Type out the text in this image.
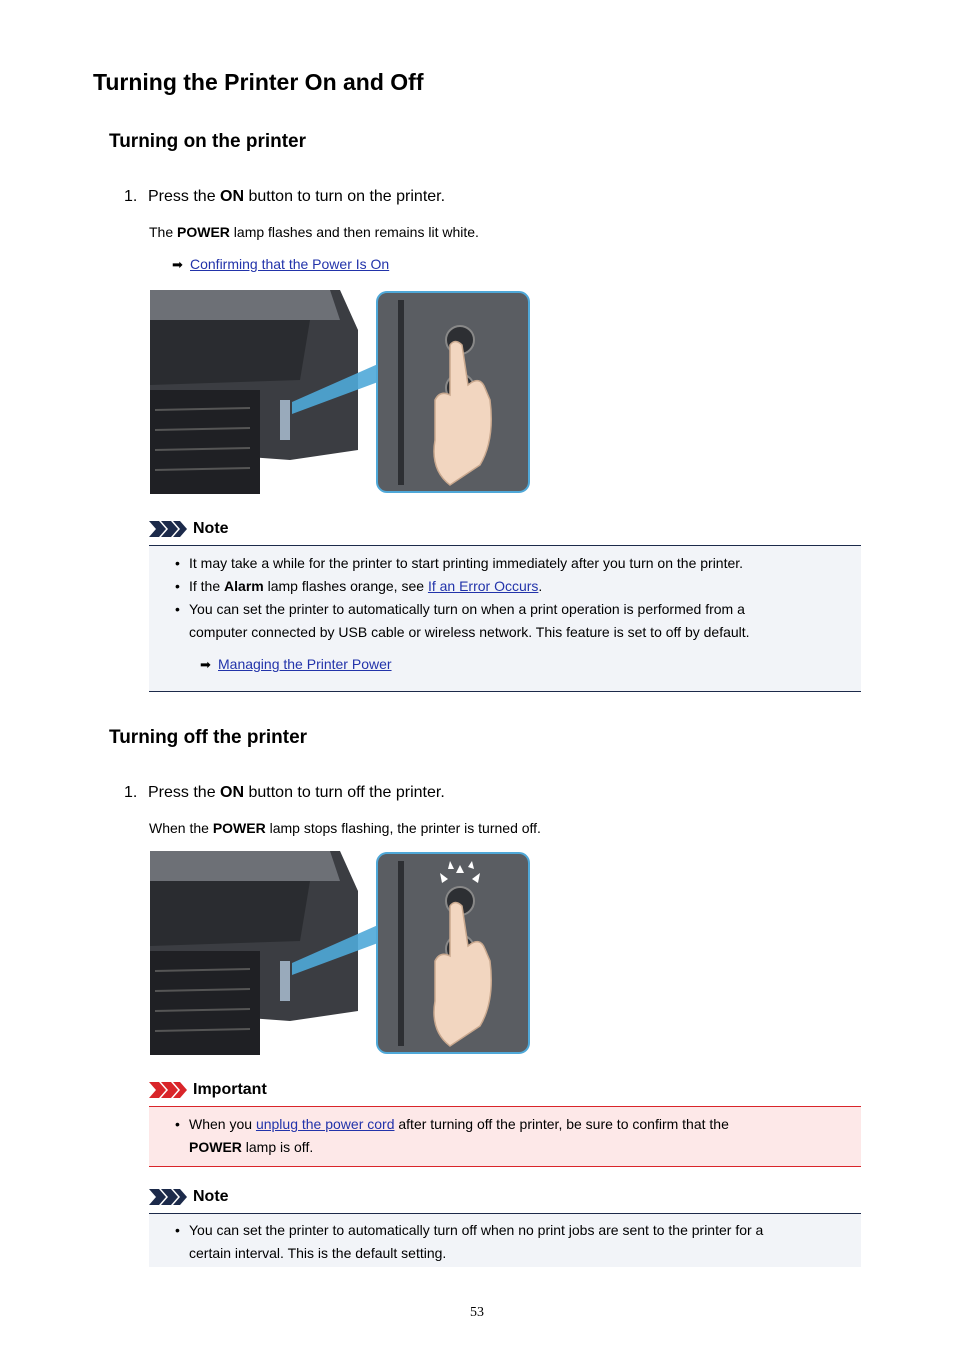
Turning the Printer On and Off
Turning on the printer
1. Press the ON button to turn on the printer.
The POWER lamp flashes and then remains lit white.
➡ Confirming that the Power Is On
Note
• It may take a while for the printer to start printing immediately after you turn on the printer.
• If the Alarm lamp flashes orange, see If an Error Occurs.
• You can set the printer to automatically turn on when a print operation is performed from a
computer connected by USB cable or wireless network. This feature is set to off by default.
➡ Managing the Printer Power
Turning off the printer
1. Press the ON button to turn off the printer.
When the POWER lamp stops flashing, the printer is turned off.
Important
• When you unplug the power cord after turning off the printer, be sure to confirm that the
POWER lamp is off.
Note
• You can set the printer to automatically turn off when no print jobs are sent to the printer for a
certain interval. This is the default setting.
53
